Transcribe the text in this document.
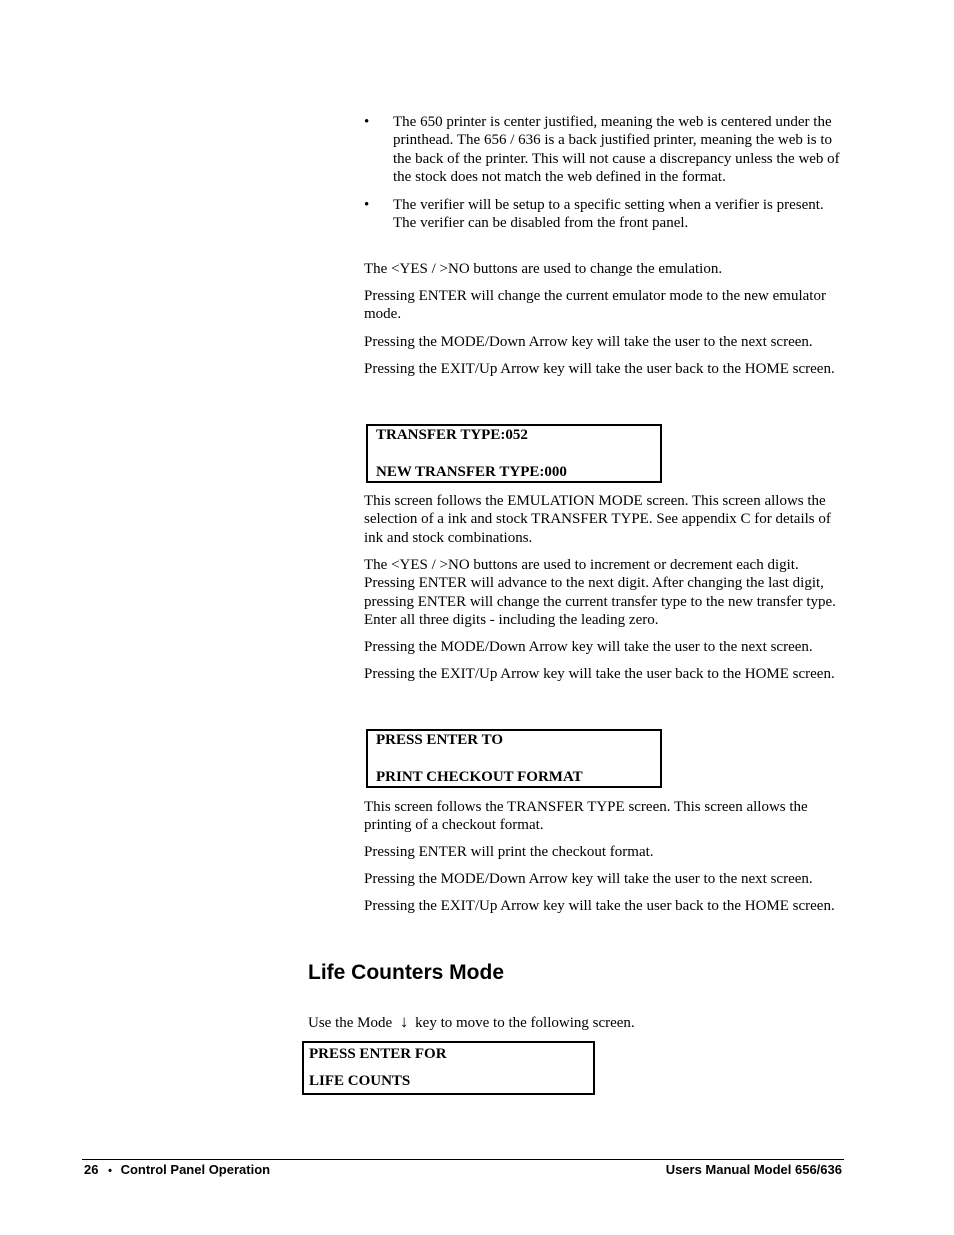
• The 650 printer is center justified, meaning the web is centered under the printhead. The 656 / 636 is a back justified printer, meaning the web is to the back of the printer. This will not cause a discrepancy unless the web of the stock does not match the web defined in the format.
• The verifier will be setup to a specific setting when a verifier is present. The verifier can be disabled from the front panel.

The <YES / >NO buttons are used to change the emulation.

Pressing ENTER will change the current emulator mode to the new emulator mode.

Pressing the MODE/Down Arrow key will take the user to the next screen.

Pressing the EXIT/Up Arrow key will take the user back to the HOME screen.

TRANSFER TYPE:052
NEW TRANSFER TYPE:000

This screen follows the EMULATION MODE screen. This screen allows the selection of a ink and stock TRANSFER TYPE. See appendix C for details of ink and stock combinations.

The <YES / >NO buttons are used to increment or decrement each digit. Pressing ENTER will advance to the next digit. After changing the last digit, pressing ENTER will change the current transfer type to the new transfer type. Enter all three digits - including the leading zero.

Pressing the MODE/Down Arrow key will take the user to the next screen.

Pressing the EXIT/Up Arrow key will take the user back to the HOME screen.

PRESS ENTER TO
PRINT CHECKOUT FORMAT

This screen follows the TRANSFER TYPE screen. This screen allows the printing of a checkout format.

Pressing ENTER will print the checkout format.

Pressing the MODE/Down Arrow key will take the user to the next screen.

Pressing the EXIT/Up Arrow key will take the user back to the HOME screen.

Life Counters Mode

Use the Mode ↓ key to move to the following screen.

PRESS ENTER FOR
LIFE COUNTS
26 • Control Panel Operation	Users Manual Model 656/636
